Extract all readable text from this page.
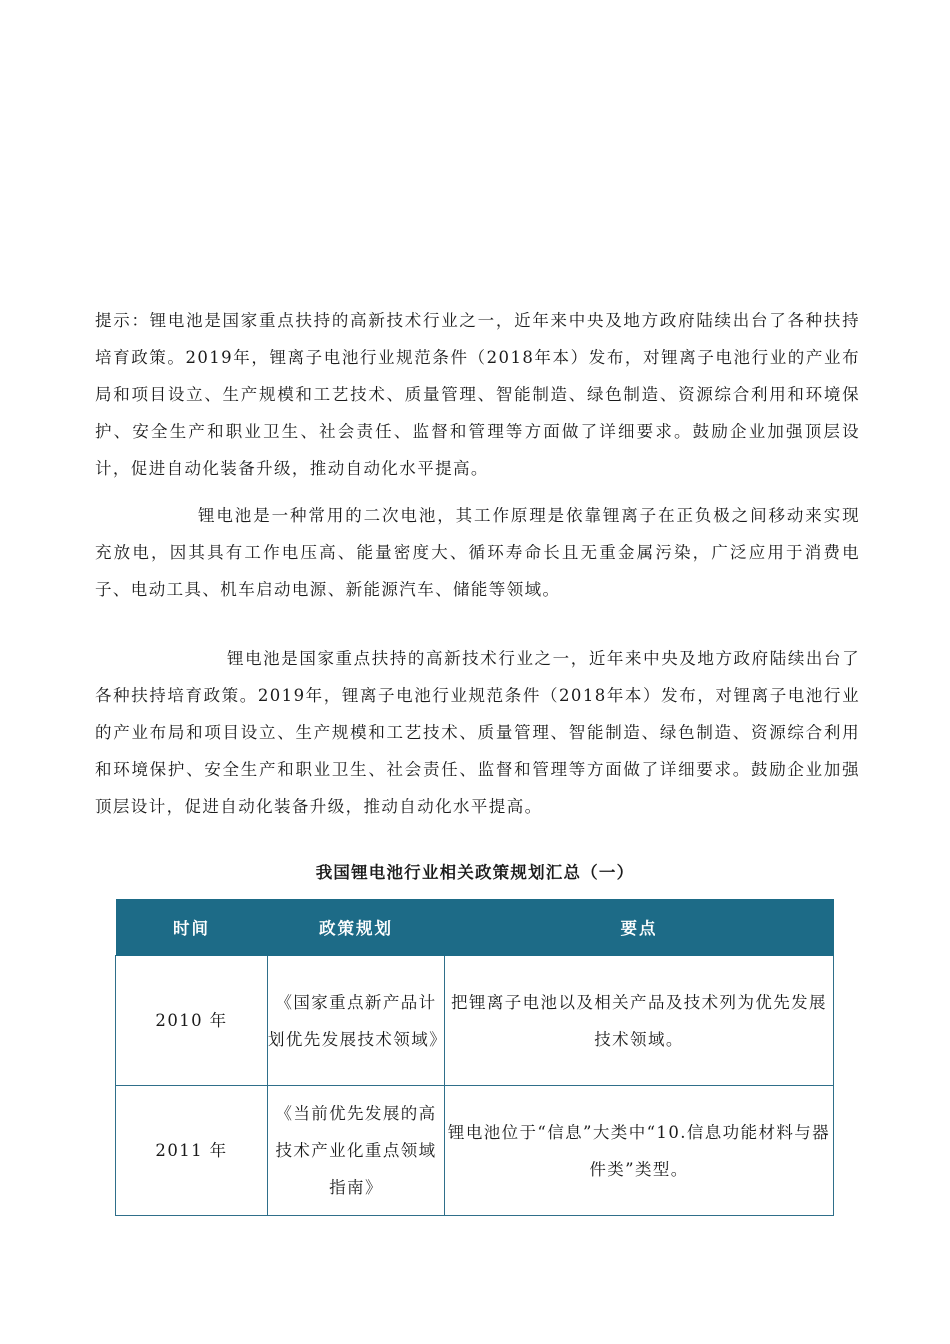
提示：锂电池是国家重点扶持的高新技术行业之一，近年来中央及地方政府陆续出台了各种扶持培育政策。2019年，锂离子电池行业规范条件（2018年本）发布，对锂离子电池行业的产业布局和项目设立、生产规模和工艺技术、质量管理、智能制造、绿色制造、资源综合利用和环境保护、安全生产和职业卫生、社会责任、监督和管理等方面做了详细要求。鼓励企业加强顶层设计，促进自动化装备升级，推动自动化水平提高。

锂电池是一种常用的二次电池，其工作原理是依靠锂离子在正负极之间移动来实现充放电，因其具有工作电压高、能量密度大、循环寿命长且无重金属污染，广泛应用于消费电子、电动工具、机车启动电源、新能源汽车、储能等领域。

锂电池是国家重点扶持的高新技术行业之一，近年来中央及地方政府陆续出台了各种扶持培育政策。2019年，锂离子电池行业规范条件（2018年本）发布，对锂离子电池行业的产业布局和项目设立、生产规模和工艺技术、质量管理、智能制造、绿色制造、资源综合利用和环境保护、安全生产和职业卫生、社会责任、监督和管理等方面做了详细要求。鼓励企业加强顶层设计，促进自动化装备升级，推动自动化水平提高。

我国锂电池行业相关政策规划汇总（一）
时间	政策规划	要点
2010 年	《国家重点新产品计划优先发展技术领域》	把锂离子电池以及相关产品及技术列为优先发展技术领域。
2011 年	《当前优先发展的高技术产业化重点领域指南》	锂电池位于“信息”大类中“10.信息功能材料与器件类”类型。
